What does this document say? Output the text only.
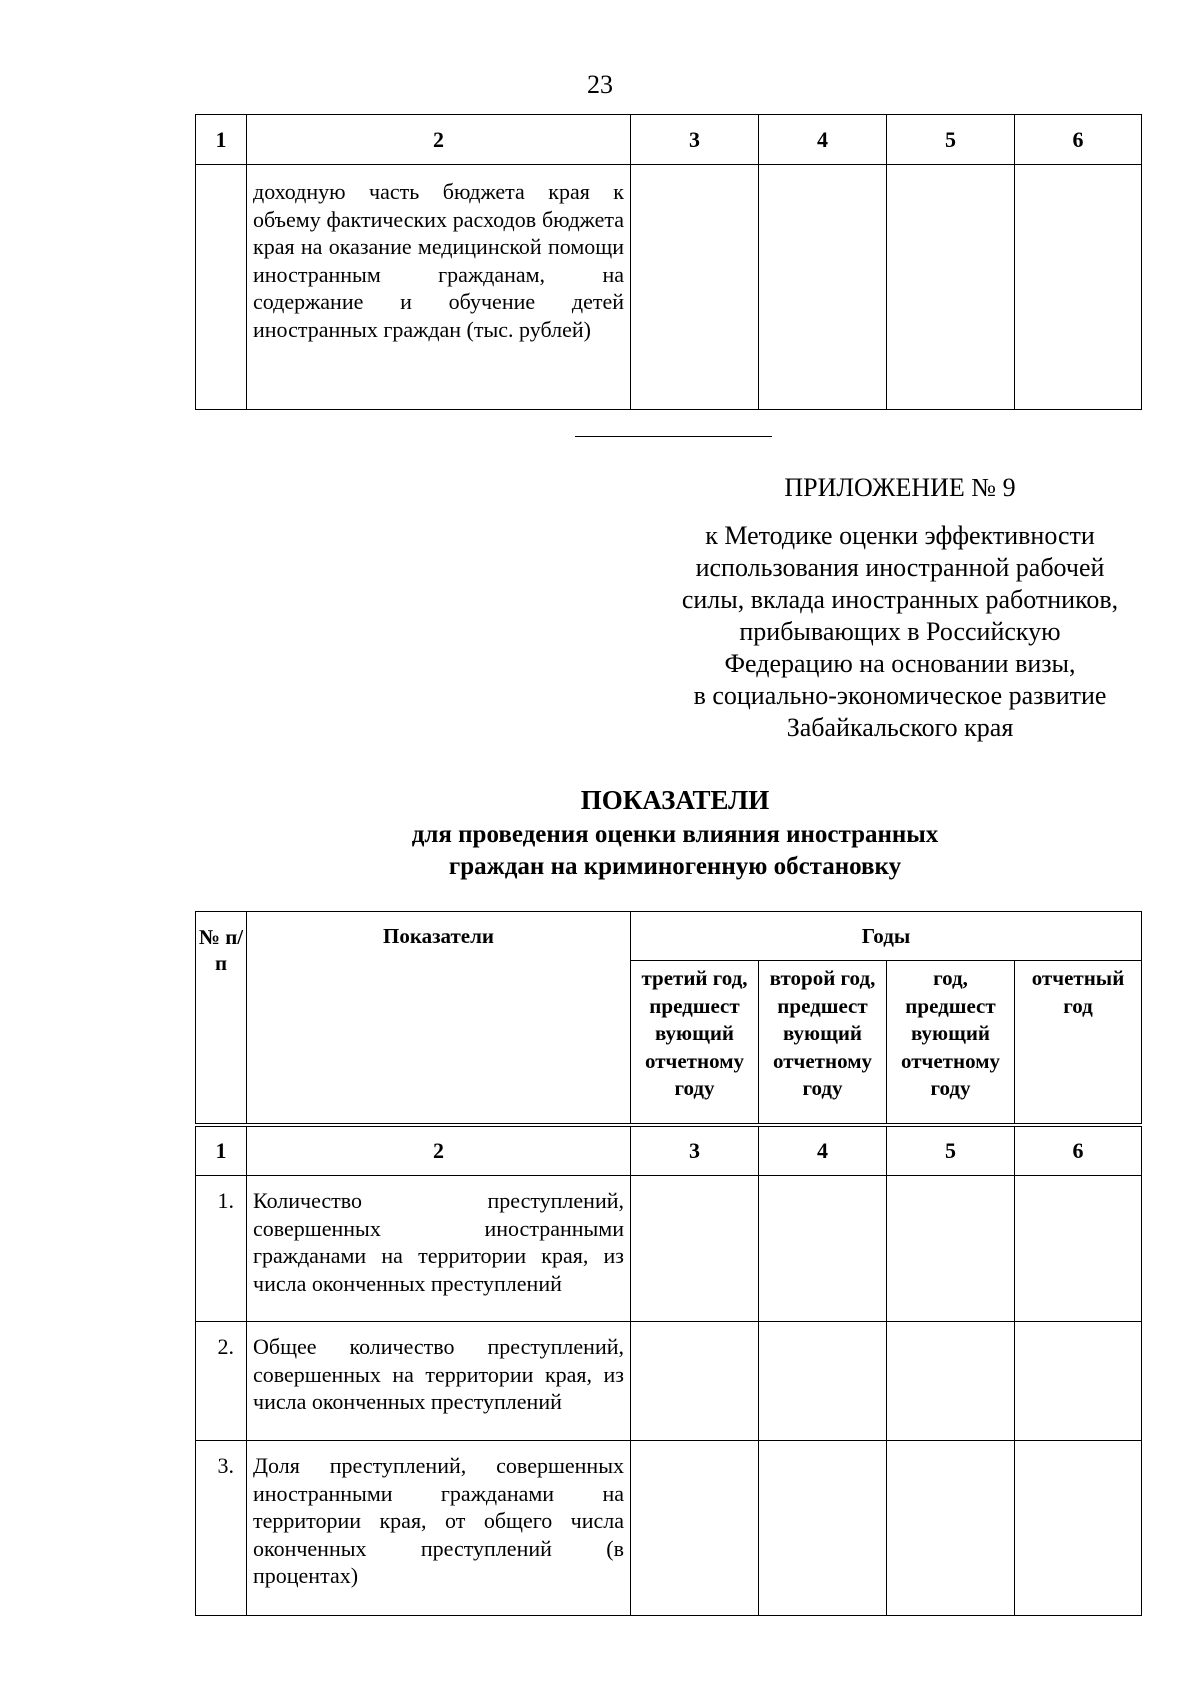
23
1	2	3	4	5	6

	доходную часть бюджета края к объему фактических расходов бюджета края на оказание медицинской помощи иностранным гражданам, на содержание и обучение детей иностранных граждан (тыс. рублей)				

ПРИЛОЖЕНИЕ № 9
к Методике оценки эффективности
использования иностранной рабочей
силы, вклада иностранных работников,
прибывающих в Российскую
Федерацию на основании визы,
в социально-экономическое развитие
Забайкальского края
ПОКАЗАТЕЛИ
для проведения оценки влияния иностранных
граждан на криминогенную обстановку
№ п/п	Показатели	Годы			
		третий год, предшест вующий отчетному году	второй год, предшест вующий отчетному году	год, предшест вующий отчетному году	отчетный год
1	2	3	4	5	6
1.	Количество преступлений, совершенных иностранными гражданами на территории края, из числа оконченных преступлений				

2.	Общее количество преступлений, совершенных на территории края, из числа оконченных преступлений				

3.	Доля преступлений, совершенных иностранными гражданами на территории края, от общего числа оконченных преступлений (в процентах)				
